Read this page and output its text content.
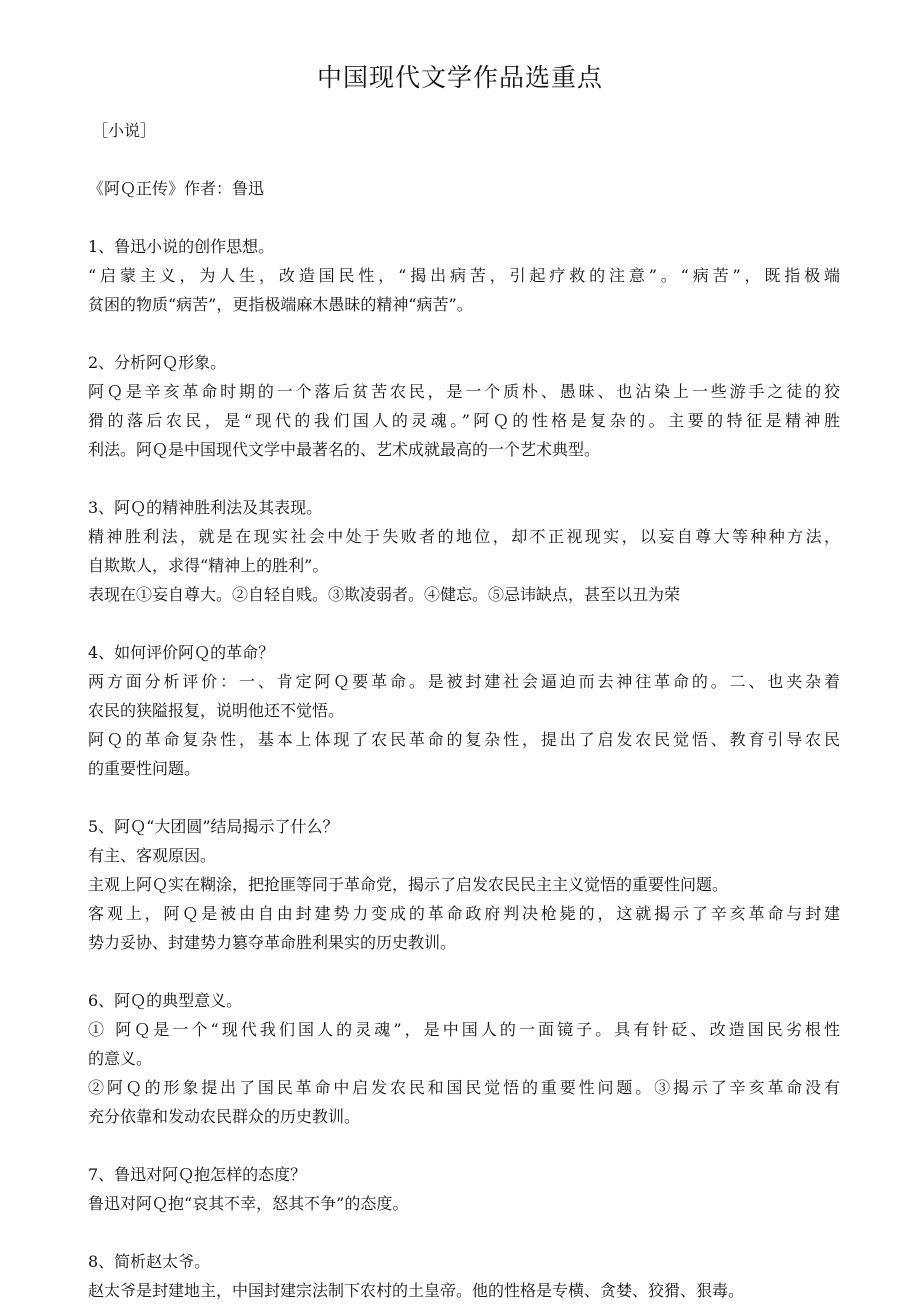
中国现代文学作品选重点
［小说］
《阿Ｑ正传》作者：鲁迅
1、鲁迅小说的创作思想。
“启蒙主义，为人生，改造国民性，“揭出病苦，引起疗救的注意”。“病苦”，既指极端
贫困的物质“病苦”，更指极端麻木愚昧的精神“病苦”。
2、分析阿Ｑ形象。
阿Ｑ是辛亥革命时期的一个落后贫苦农民，是一个质朴、愚昧、也沾染上一些游手之徒的狡
猾的落后农民，是“现代的我们国人的灵魂。”阿Ｑ的性格是复杂的。主要的特征是精神胜
利法。阿Ｑ是中国现代文学中最著名的、艺术成就最高的一个艺术典型。
3、阿Ｑ的精神胜利法及其表现。
精神胜利法，就是在现实社会中处于失败者的地位，却不正视现实，以妄自尊大等种种方法，
自欺欺人，求得“精神上的胜利”。
表现在①妄自尊大。②自轻自贱。③欺凌弱者。④健忘。⑤忌讳缺点，甚至以丑为荣
4、如何评价阿Ｑ的革命？
两方面分析评价：一、肯定阿Ｑ要革命。是被封建社会逼迫而去神往革命的。二、也夹杂着
农民的狭隘报复，说明他还不觉悟。
阿Ｑ的革命复杂性，基本上体现了农民革命的复杂性，提出了启发农民觉悟、教育引导农民
的重要性问题。
5、阿Ｑ“大团圆”结局揭示了什么？
有主、客观原因。
主观上阿Ｑ实在糊涂，把抢匪等同于革命党，揭示了启发农民民主主义觉悟的重要性问题。
客观上，阿Ｑ是被由自由封建势力变成的革命政府判决枪毙的，这就揭示了辛亥革命与封建
势力妥协、封建势力篡夺革命胜利果实的历史教训。
6、阿Ｑ的典型意义。
① 阿Ｑ是一个“现代我们国人的灵魂”，是中国人的一面镜子。具有针砭、改造国民劣根性
的意义。
②阿Ｑ的形象提出了国民革命中启发农民和国民觉悟的重要性问题。③揭示了辛亥革命没有
充分依靠和发动农民群众的历史教训。
7、鲁迅对阿Ｑ抱怎样的态度？
鲁迅对阿Ｑ抱“哀其不幸，怒其不争”的态度。
8、简析赵太爷。
赵太爷是封建地主，中国封建宗法制下农村的土皇帝。他的性格是专横、贪婪、狡猾、狠毒。
